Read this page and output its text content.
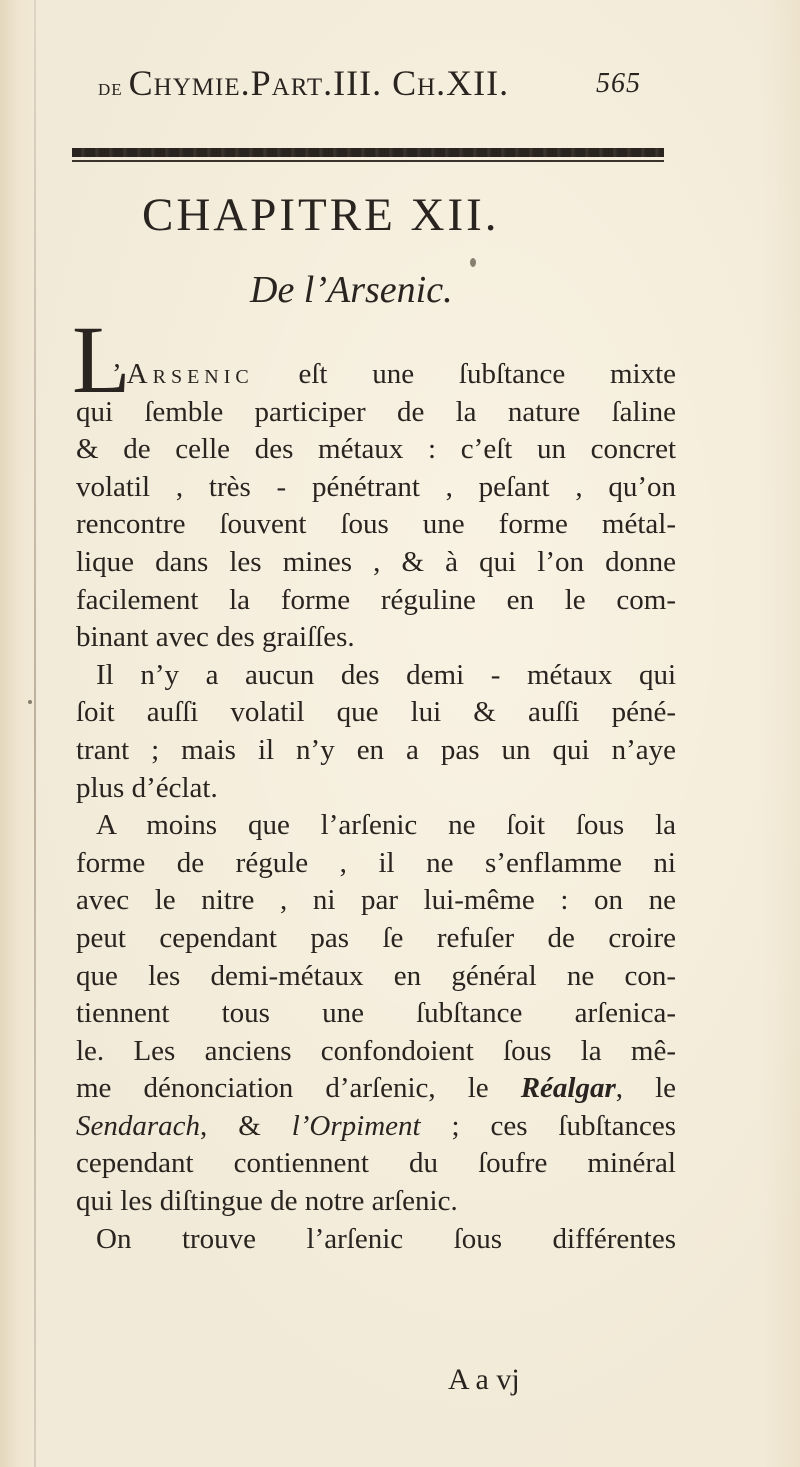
de Chymie.Part.III. Ch.XII.	565
CHAPITRE XII.
De l’Arsenic.
L
’Arsenic eſt une ſubſtance mixte
qui ſemble participer de la nature ſaline
& de celle des métaux : c’eſt un concret
volatil , très - pénétrant , peſant , qu’on
rencontre ſouvent ſous une forme métal-
lique dans les mines , & à qui l’on donne
facilement la forme réguline en le com-
binant avec des graiſſes.
Il n’y a aucun des demi - métaux qui
ſoit auſſi volatil que lui & auſſi péné-
trant ; mais il n’y en a pas un qui n’aye
plus d’éclat.
A moins que l’arſenic ne ſoit ſous la
forme de régule , il ne s’enflamme ni
avec le nitre , ni par lui-même : on ne
peut cependant pas ſe refuſer de croire
que les demi-métaux en général ne con-
tiennent tous une ſubſtance arſenica-
le. Les anciens confondoient ſous la mê-
me dénonciation d’arſenic, le Réalgar, le
Sendarach, & l’Orpiment ; ces ſubſtances
cependant contiennent du ſoufre minéral
qui les diſtingue de notre arſenic.
On trouve l’arſenic ſous différentes
A a vj
